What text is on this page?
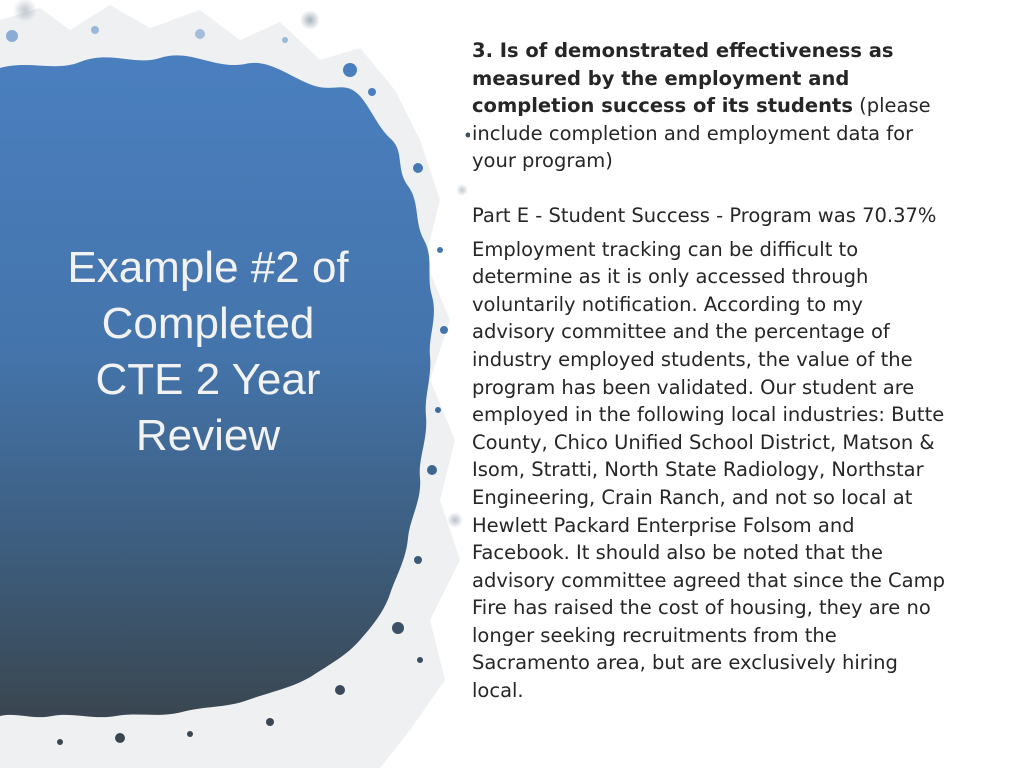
Example #2 of Completed CTE 2 Year Review

3. Is of demonstrated effectiveness as measured by the employment and completion success of its students (please include completion and employment data for your program)

Part E - Student Success - Program was 70.37%

Employment tracking can be difficult to determine as it is only accessed through voluntarily notification. According to my advisory committee and the percentage of industry employed students, the value of the program has been validated. Our student are employed in the following local industries: Butte County, Chico Unified School District, Matson & Isom, Stratti, North State Radiology, Northstar Engineering, Crain Ranch, and not so local at Hewlett Packard Enterprise Folsom and Facebook. It should also be noted that the advisory committee agreed that since the Camp Fire has raised the cost of housing, they are no longer seeking recruitments from the Sacramento area, but are exclusively hiring local.
